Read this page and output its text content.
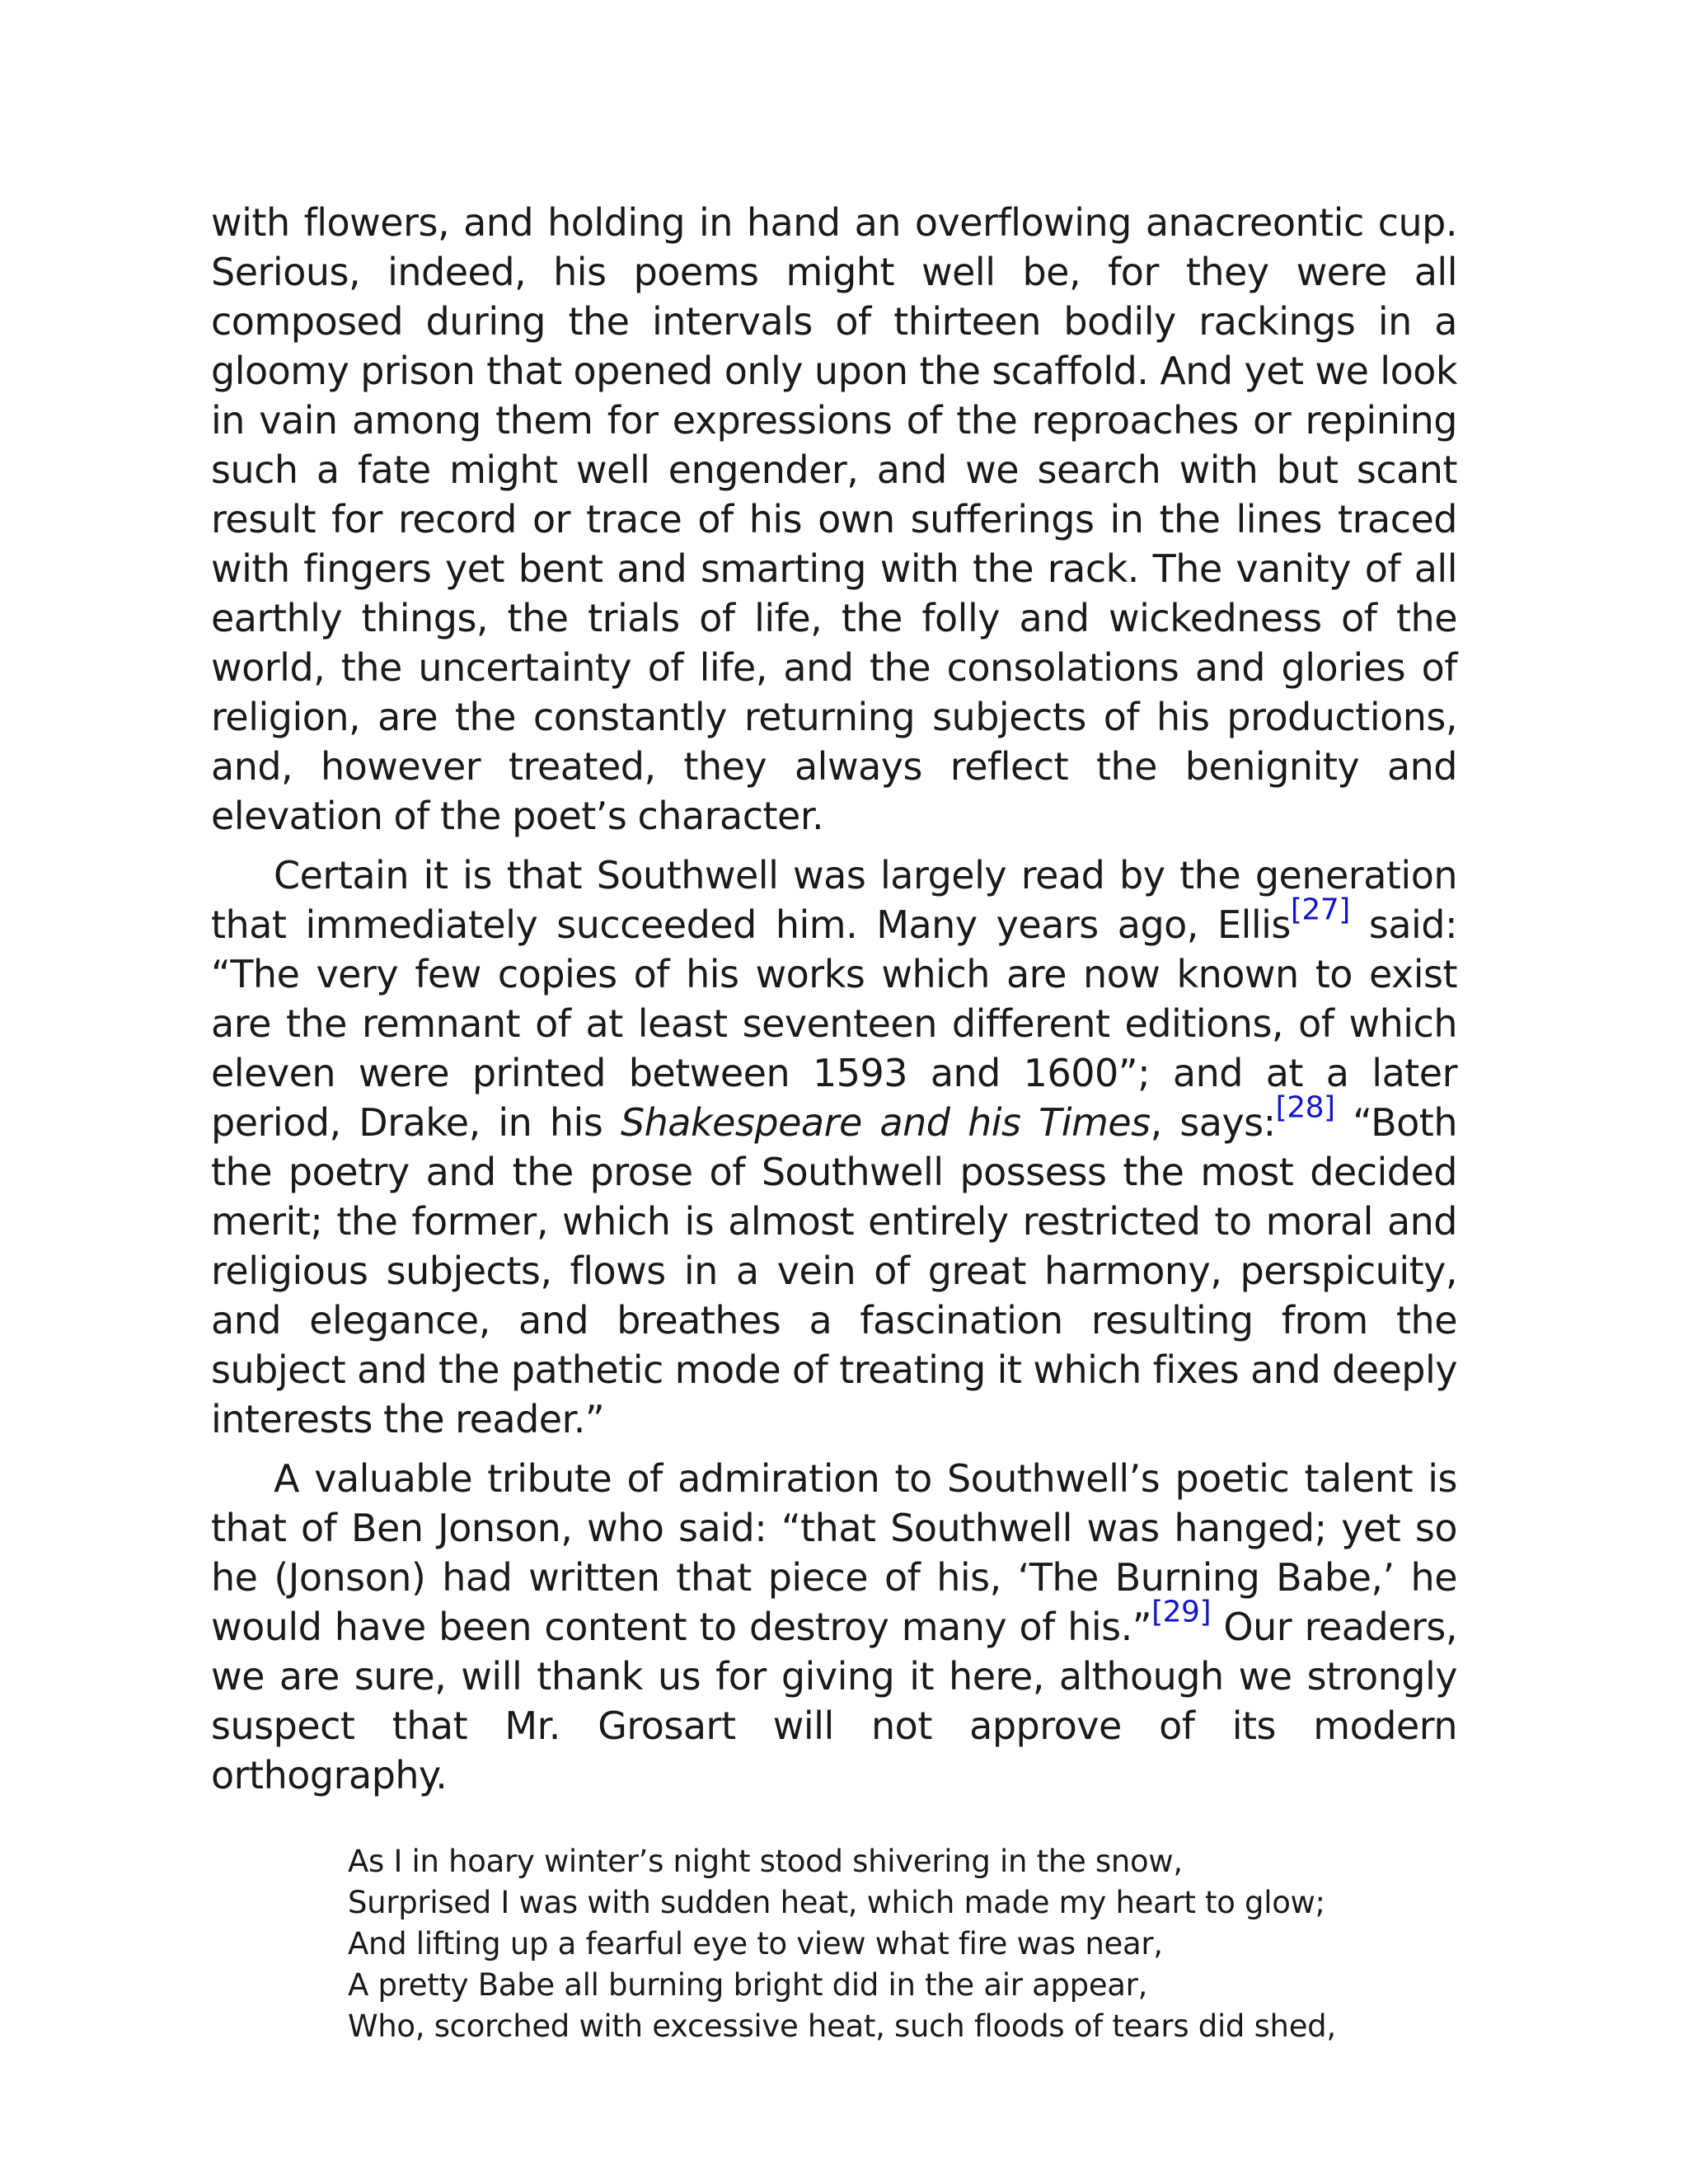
with flowers, and holding in hand an overflowing anacreontic cup. Serious, indeed, his poems might well be, for they were all composed during the intervals of thirteen bodily rackings in a gloomy prison that opened only upon the scaffold. And yet we look in vain among them for expressions of the reproaches or repining such a fate might well engender, and we search with but scant result for record or trace of his own sufferings in the lines traced with fingers yet bent and smarting with the rack. The vanity of all earthly things, the trials of life, the folly and wickedness of the world, the uncertainty of life, and the consolations and glories of religion, are the constantly returning subjects of his productions, and, however treated, they always reflect the benignity and elevation of the poet’s character.

Certain it is that Southwell was largely read by the generation that immediately succeeded him. Many years ago, Ellis[27] said: “The very few copies of his works which are now known to exist are the remnant of at least seventeen different editions, of which eleven were printed between 1593 and 1600”; and at a later period, Drake, in his Shakespeare and his Times, says:[28] “Both the poetry and the prose of Southwell possess the most decided merit; the former, which is almost entirely restricted to moral and religious subjects, flows in a vein of great harmony, perspicuity, and elegance, and breathes a fascination resulting from the subject and the pathetic mode of treating it which fixes and deeply interests the reader.”

A valuable tribute of admiration to Southwell’s poetic talent is that of Ben Jonson, who said: “that Southwell was hanged; yet so he (Jonson) had written that piece of his, ‘The Burning Babe,’ he would have been content to destroy many of his.”[29] Our readers, we are sure, will thank us for giving it here, although we strongly suspect that Mr. Grosart will not approve of its modern orthography.

As I in hoary winter’s night stood shivering in the snow,
Surprised I was with sudden heat, which made my heart to glow;
And lifting up a fearful eye to view what fire was near,
A pretty Babe all burning bright did in the air appear,
Who, scorched with excessive heat, such floods of tears did shed,
